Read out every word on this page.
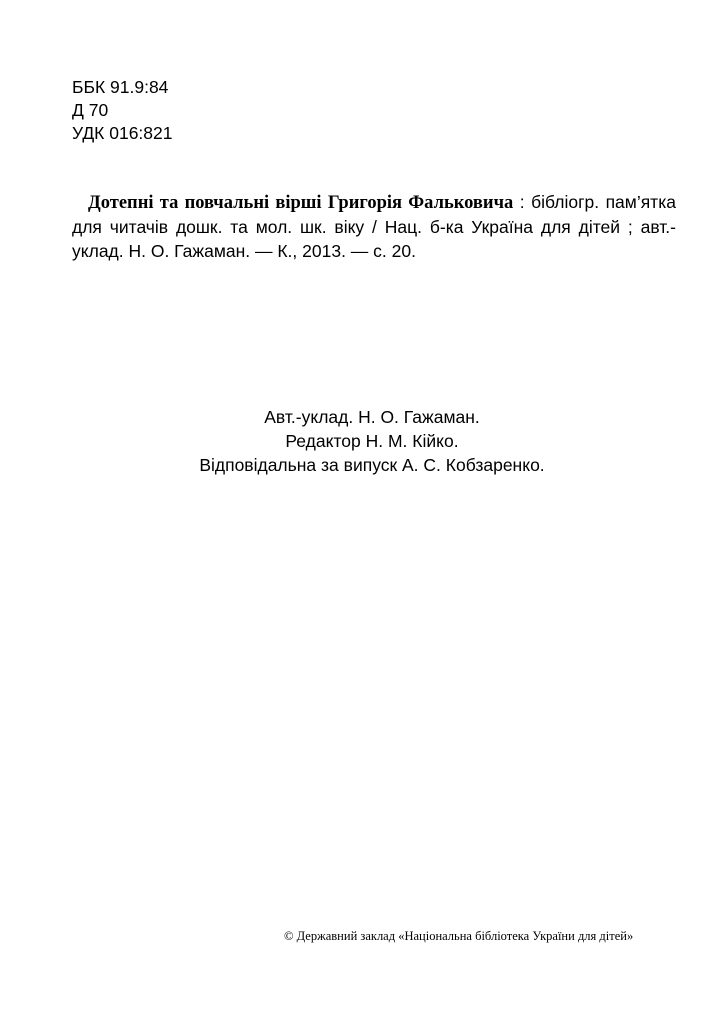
ББК 91.9:84
Д 70
УДК 016:821
Дотепні та повчальні вірші Григорія Фальковича : бібліогр. пам’ятка для читачів дошк. та мол. шк. віку / Нац. б-ка Україна для дітей ; авт.-уклад. Н. О. Гажаман. — К., 2013. — с. 20.
Авт.-уклад. Н. О. Гажаман.
Редактор Н. М. Кійко.
Відповідальна за випуск А. С. Кобзаренко.
© Державний заклад «Національна бібліотека України для дітей»
